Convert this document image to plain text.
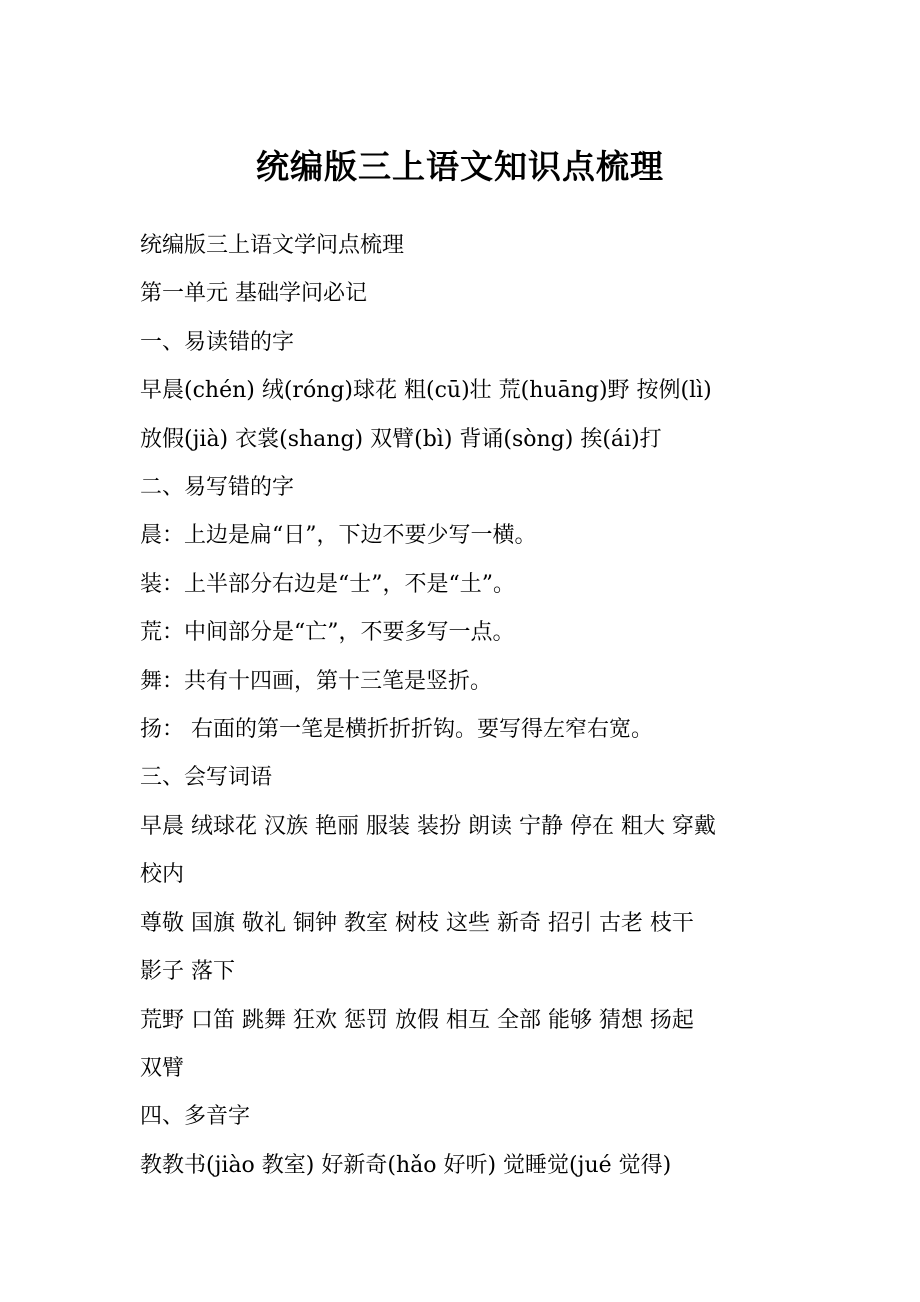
统编版三上语文知识点梳理

统编版三上语文学问点梳理

第一单元 基础学问必记

一、易读错的字

早晨(chén) 绒(róng)球花 粗(cū)壮 荒(huāng)野 按例(lì)

放假(jià) 衣裳(shang) 双臂(bì) 背诵(sòng) 挨(ái)打

二、易写错的字

晨：上边是扁“日”，下边不要少写一横。

装：上半部分右边是“士”，不是“土”。

荒：中间部分是“亡”，不要多写一点。

舞：共有十四画，第十三笔是竖折。

扬： 右面的第一笔是横折折折钩。要写得左窄右宽。

三、会写词语

早晨 绒球花 汉族 艳丽 服装 装扮 朗读 宁静 停在 粗大 穿戴

校内

尊敬 国旗 敬礼 铜钟 教室 树枝 这些 新奇 招引 古老 枝干

影子 落下

荒野 口笛 跳舞 狂欢 惩罚 放假 相互 全部 能够 猜想 扬起

双臂

四、多音字

教教书(jiào 教室) 好新奇(hǎo 好听) 觉睡觉(jué 觉得)
